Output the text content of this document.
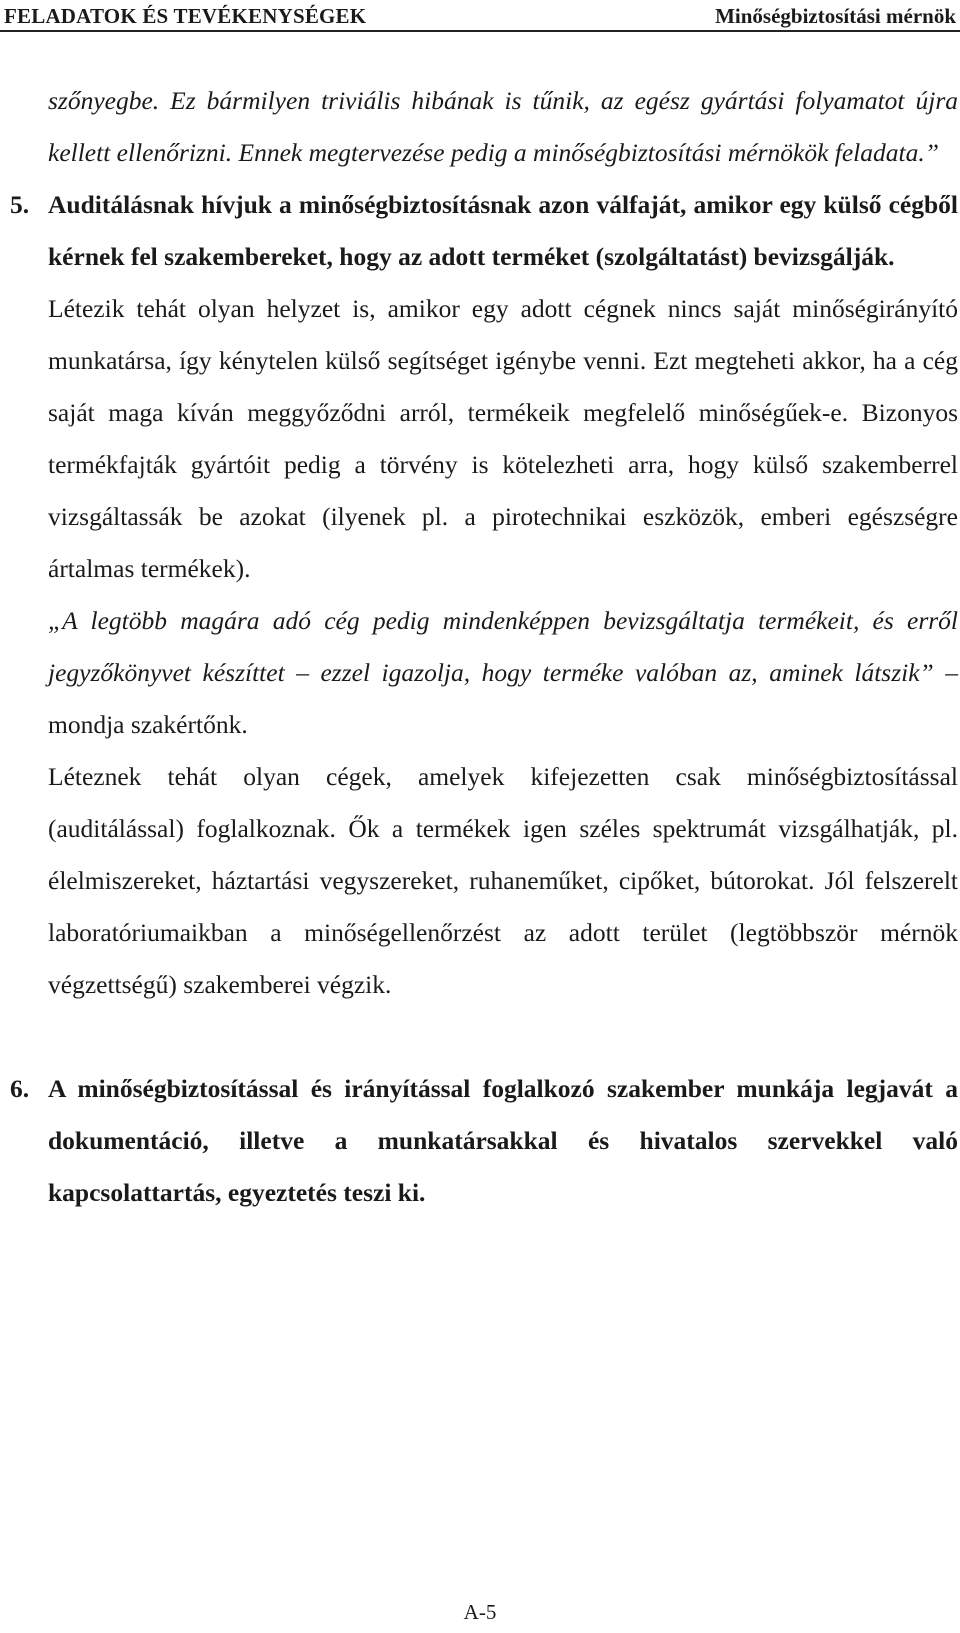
FELADATOK ÉS TEVÉKENYSÉGEK	Minőségbiztosítási mérnök

szőnyegbe. Ez bármilyen triviális hibának is tűnik, az egész gyártási folyamatot újra kellett ellenőrizni. Ennek megtervezése pedig a minőségbiztosítási mérnökök feladata.”

5. Auditálásnak hívjuk a minőségbiztosításnak azon válfaját, amikor egy külső cégből kérnek fel szakembereket, hogy az adott terméket (szolgáltatást) bevizsgálják.

Létezik tehát olyan helyzet is, amikor egy adott cégnek nincs saját minőségirányító munkatársa, így kénytelen külső segítséget igénybe venni. Ezt megteheti akkor, ha a cég saját maga kíván meggyőződni arról, termékeik megfelelő minőségűek-e. Bizonyos termékfajták gyártóit pedig a törvény is kötelezheti arra, hogy külső szakemberrel vizsgáltassák be azokat (ilyenek pl. a pirotechnikai eszközök, emberi egészségre ártalmas termékek).

„A legtöbb magára adó cég pedig mindenképpen bevizsgáltatja termékeit, és erről jegyzőkönyvet készíttet – ezzel igazolja, hogy terméke valóban az, aminek látszik” – mondja szakértőnk.

Léteznek tehát olyan cégek, amelyek kifejezetten csak minőségbiztosítással (auditálással) foglalkoznak. Ők a termékek igen széles spektrumát vizsgálhatják, pl. élelmiszereket, háztartási vegyszereket, ruhaneműket, cipőket, bútorokat. Jól felszerelt laboratóriumaikban a minőségellenőrzést az adott terület (legtöbbször mérnök végzettségű) szakemberei végzik.

6. A minőségbiztosítással és irányítással foglalkozó szakember munkája legjavát a dokumentáció, illetve a munkatársakkal és hivatalos szervekkel való kapcsolattartás, egyeztetés teszi ki.

A-5
